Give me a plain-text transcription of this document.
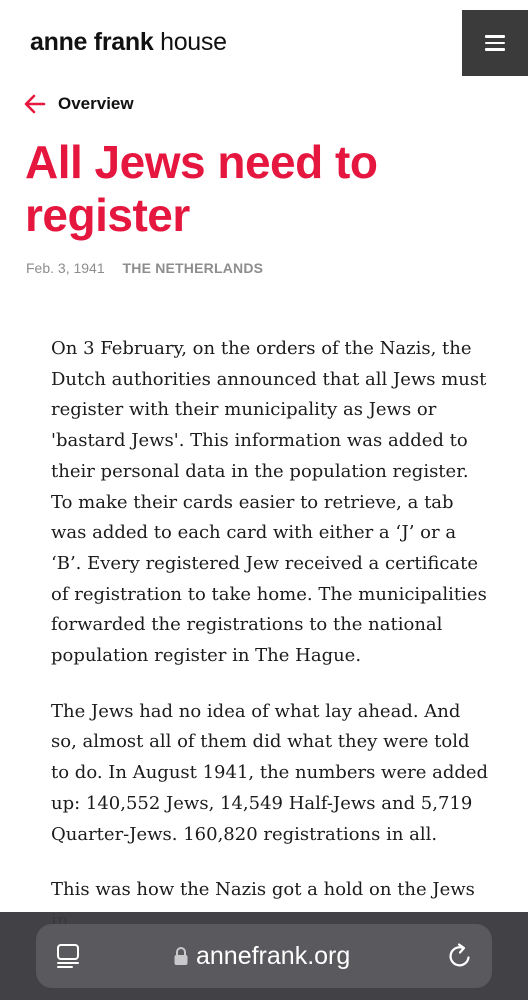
anne frank house
Overview
All Jews need to register
Feb. 3, 1941 THE NETHERLANDS

On 3 February, on the orders of the Nazis, the Dutch authorities announced that all Jews must register with their municipality as Jews or 'bastard Jews'. This information was added to their personal data in the population register. To make their cards easier to retrieve, a tab was added to each card with either a ‘J’ or a ‘B’. Every registered Jew received a certificate of registration to take home. The municipalities forwarded the registrations to the national population register in The Hague.

The Jews had no idea of what lay ahead. And so, almost all of them did what they were told to do. In August 1941, the numbers were added up: 140,552 Jews, 14,549 Half-Jews and 5,719 Quarter-Jews. 160,820 registrations in all.

This was how the Nazis got a hold on the Jews

annefrank.org
